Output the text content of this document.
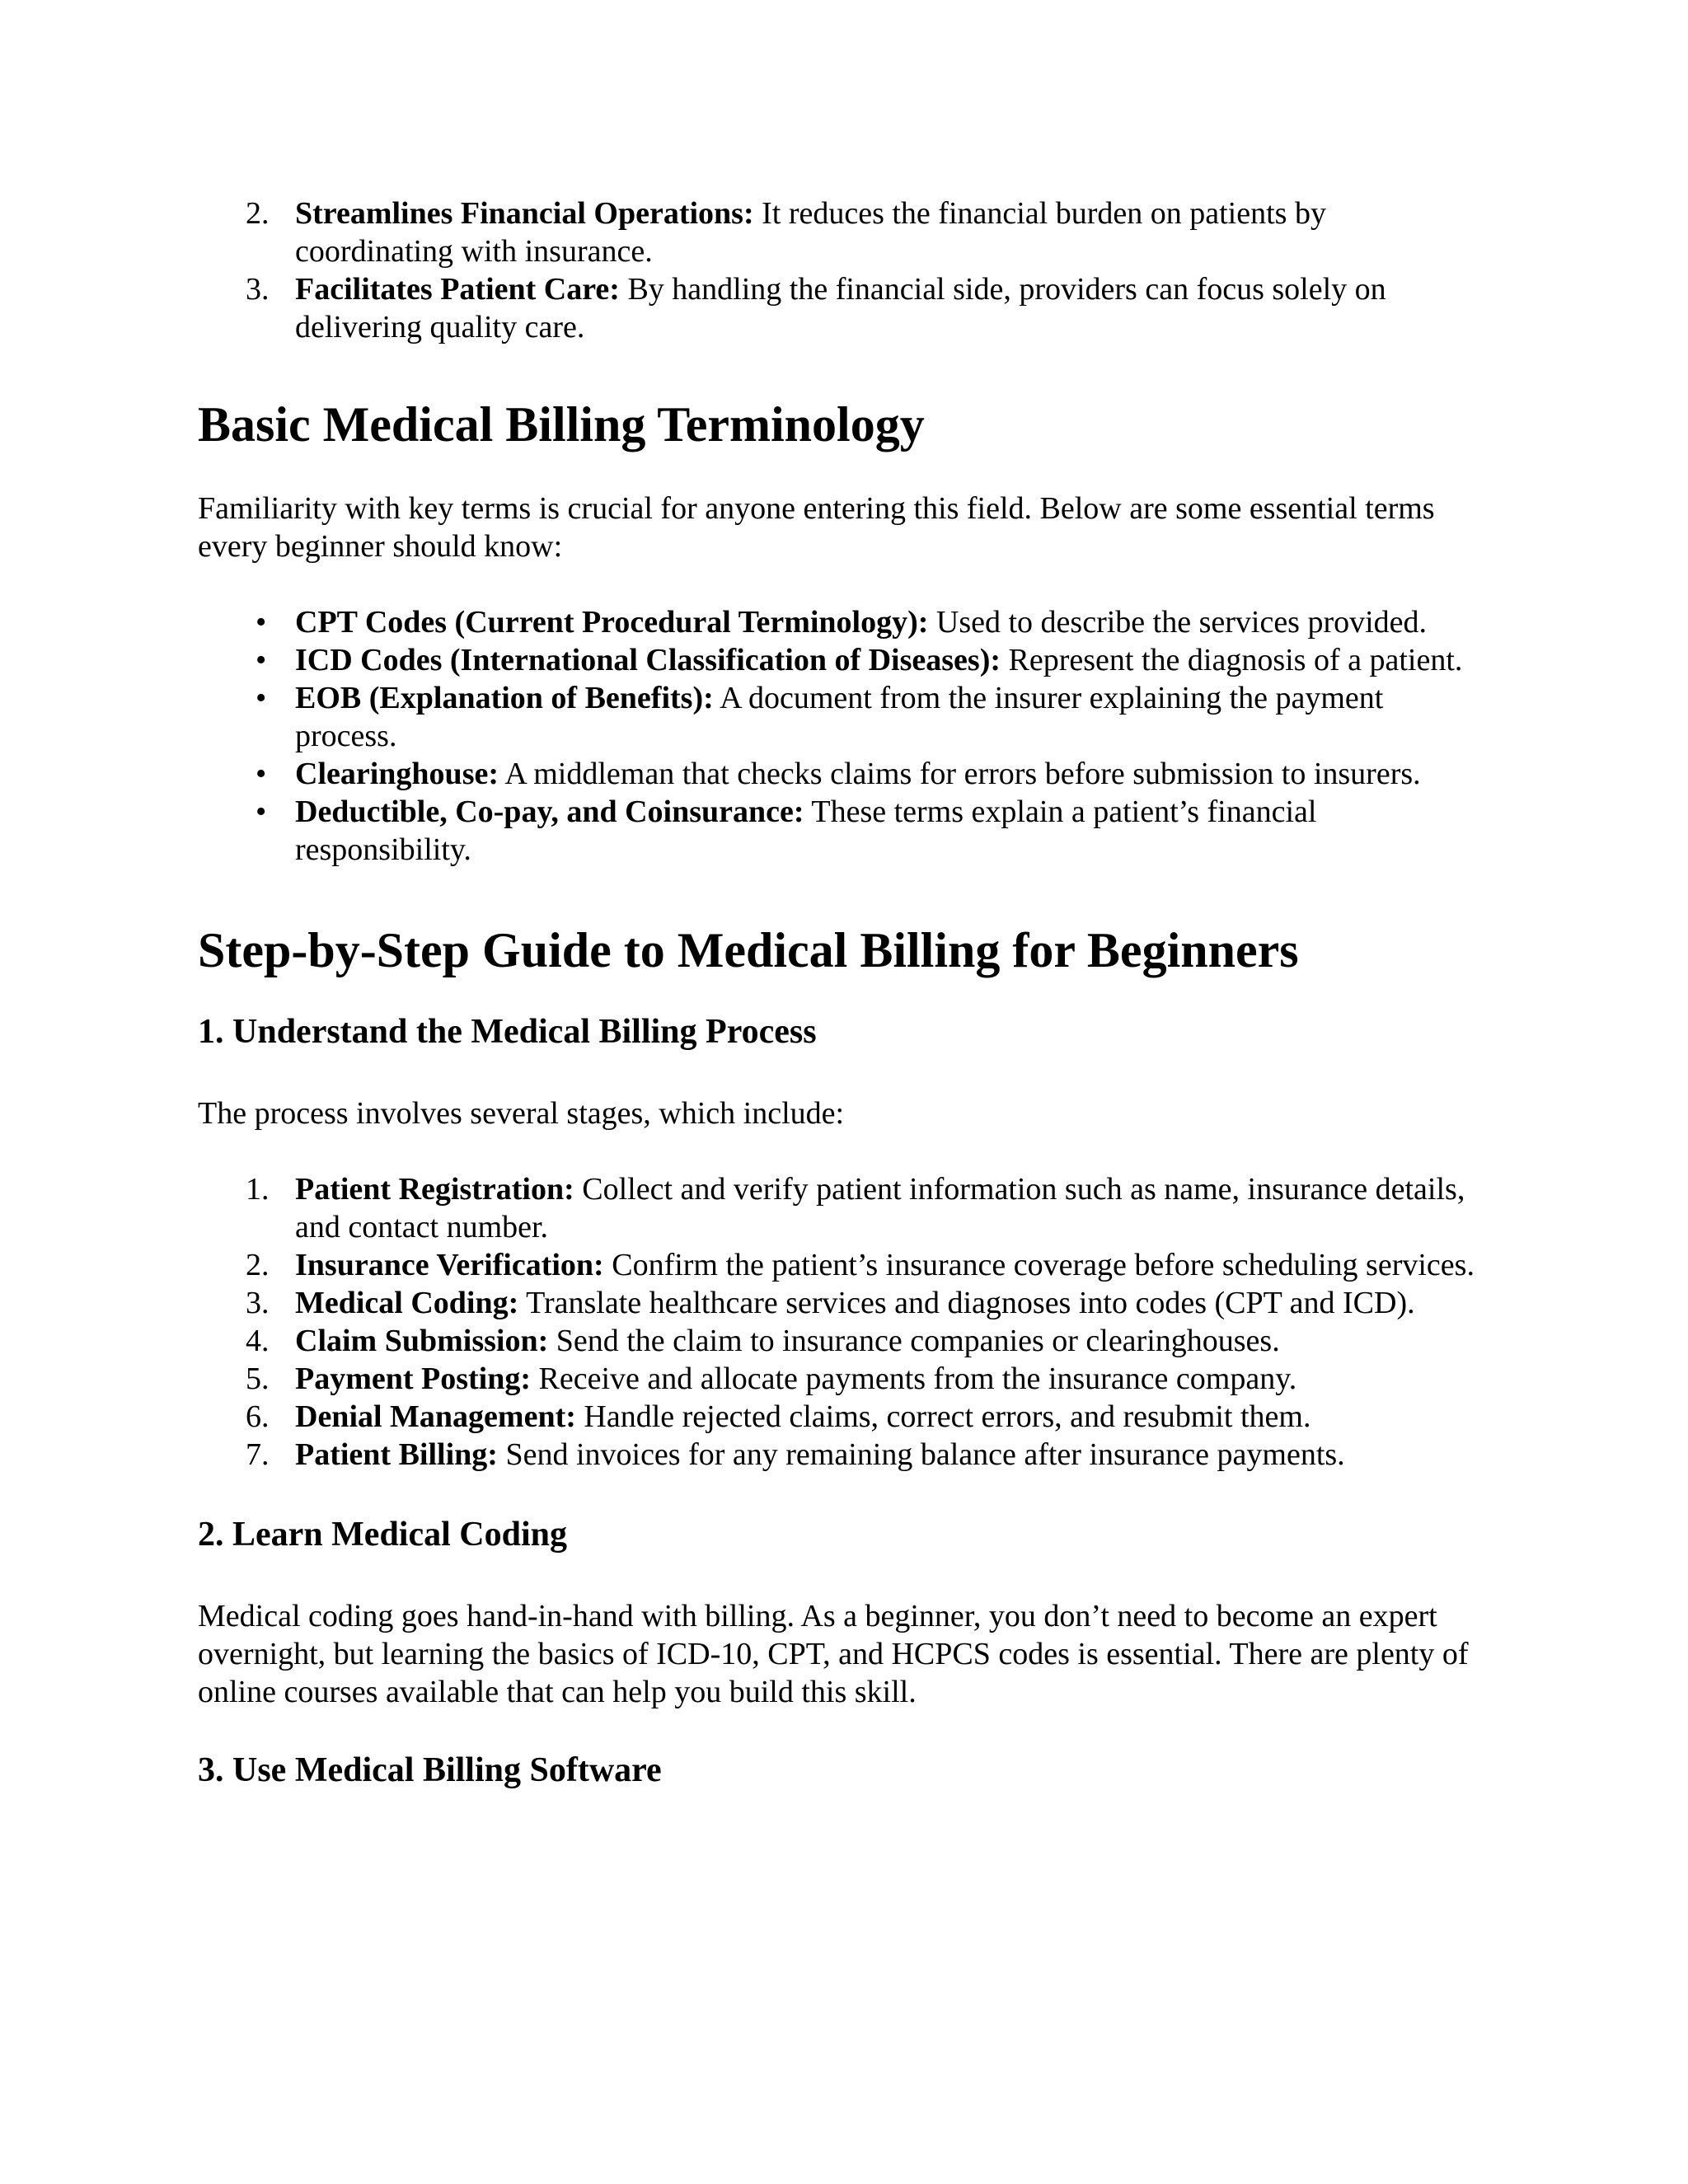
2. Streamlines Financial Operations: It reduces the financial burden on patients by coordinating with insurance.
3. Facilitates Patient Care: By handling the financial side, providers can focus solely on delivering quality care.
Basic Medical Billing Terminology

Familiarity with key terms is crucial for anyone entering this field. Below are some essential terms every beginner should know:

• CPT Codes (Current Procedural Terminology): Used to describe the services provided.
• ICD Codes (International Classification of Diseases): Represent the diagnosis of a patient.
• EOB (Explanation of Benefits): A document from the insurer explaining the payment process.
• Clearinghouse: A middleman that checks claims for errors before submission to insurers.
• Deductible, Co-pay, and Coinsurance: These terms explain a patient’s financial responsibility.
Step-by-Step Guide to Medical Billing for Beginners
1. Understand the Medical Billing Process

The process involves several stages, which include:

1. Patient Registration: Collect and verify patient information such as name, insurance details, and contact number.
2. Insurance Verification: Confirm the patient’s insurance coverage before scheduling services.
3. Medical Coding: Translate healthcare services and diagnoses into codes (CPT and ICD).
4. Claim Submission: Send the claim to insurance companies or clearinghouses.
5. Payment Posting: Receive and allocate payments from the insurance company.
6. Denial Management: Handle rejected claims, correct errors, and resubmit them.
7. Patient Billing: Send invoices for any remaining balance after insurance payments.
2. Learn Medical Coding

Medical coding goes hand-in-hand with billing. As a beginner, you don’t need to become an expert overnight, but learning the basics of ICD-10, CPT, and HCPCS codes is essential. There are plenty of online courses available that can help you build this skill.

3. Use Medical Billing Software
